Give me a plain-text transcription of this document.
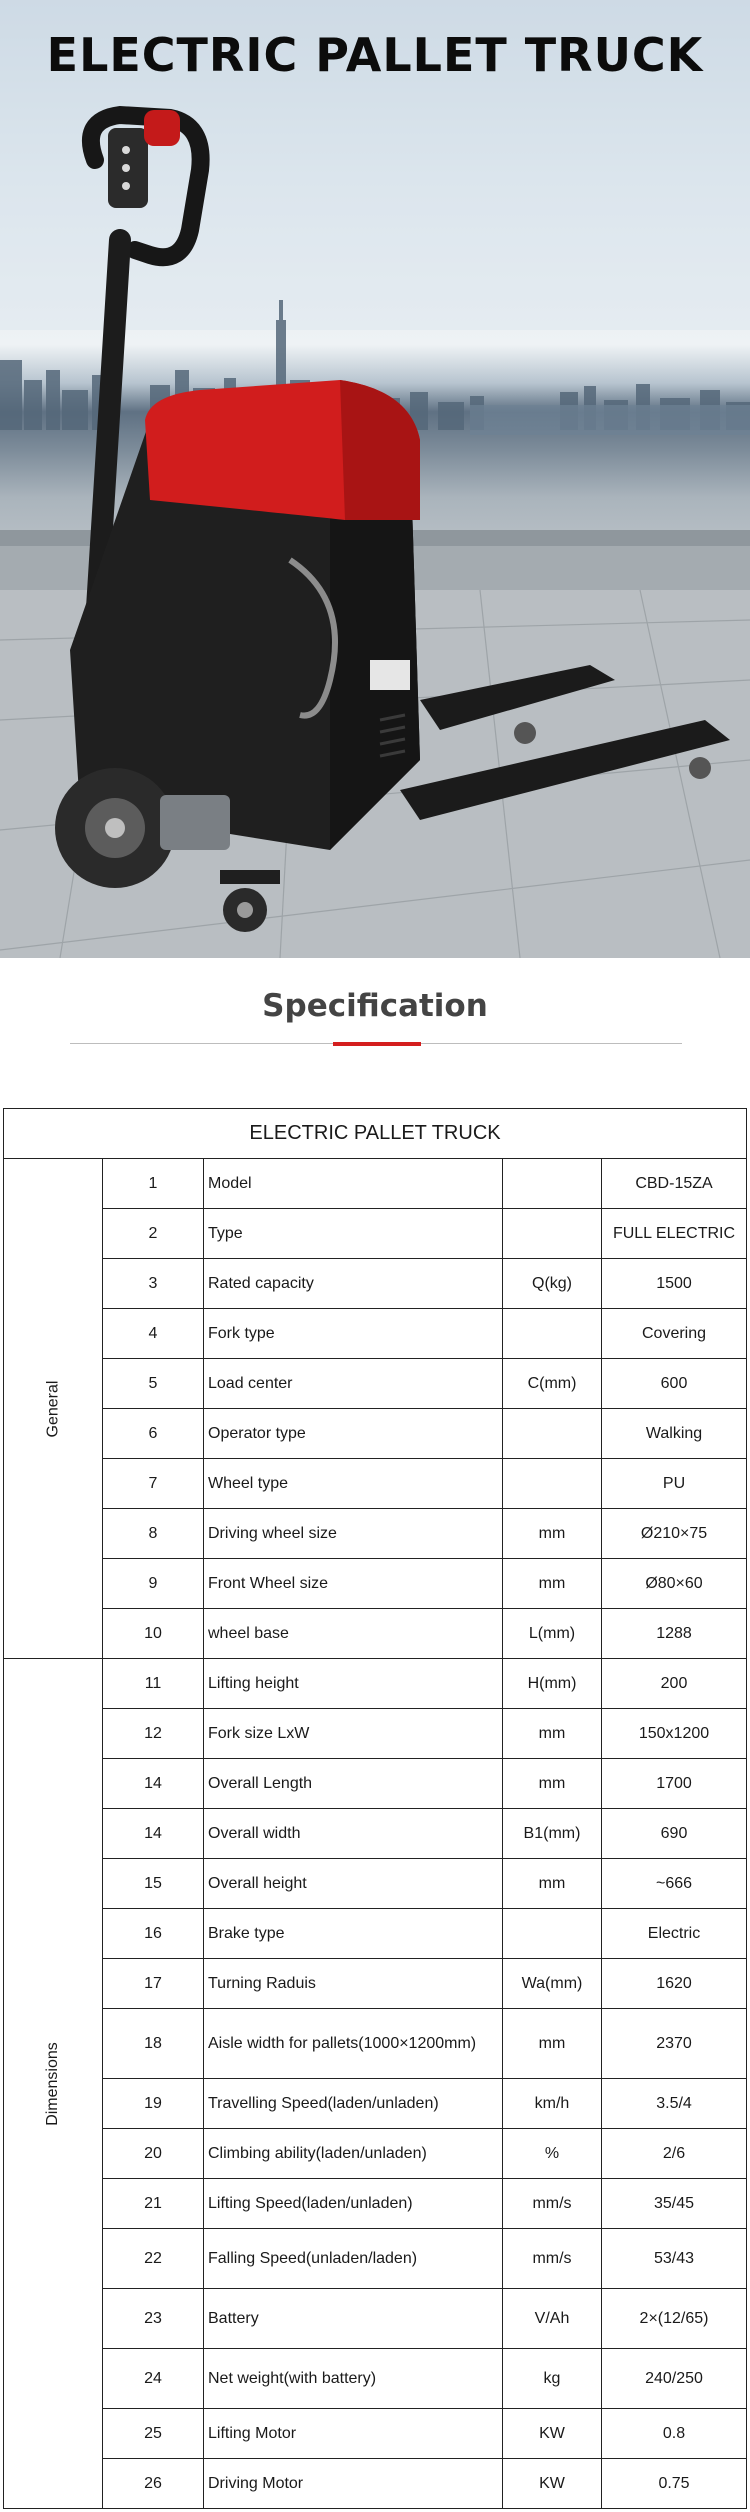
ELECTRIC PALLET TRUCK
Specification
ELECTRIC PALLET TRUCK				
General	1	Model		CBD-15ZA
	2	Type		FULL ELECTRIC
	3	Rated capacity	Q(kg)	1500
	4	Fork type		Covering
	5	Load center	C(mm)	600
	6	Operator type		Walking
	7	Wheel type		PU
	8	Driving wheel size	mm	Ø210×75
	9	Front Wheel size	mm	Ø80×60
	10	wheel base	L(mm)	1288
Dimensions	11	Lifting height	H(mm)	200
	12	Fork size LxW	mm	150x1200
	14	Overall Length	mm	1700
	14	Overall width	B1(mm)	690
	15	Overall height	mm	~666
	16	Brake type		Electric
	17	Turning Raduis	Wa(mm)	1620
	18	Aisle width for pallets(1000×1200mm)	mm	2370
	19	Travelling Speed(laden/unladen)	km/h	3.5/4
	20	Climbing ability(laden/unladen)	%	2/6
	21	Lifting Speed(laden/unladen)	mm/s	35/45
	22	Falling Speed(unladen/laden)	mm/s	53/43
	23	Battery	V/Ah	2×(12/65)
	24	Net weight(with battery)	kg	240/250
	25	Lifting Motor	KW	0.8
	26	Driving Motor	KW	0.75
